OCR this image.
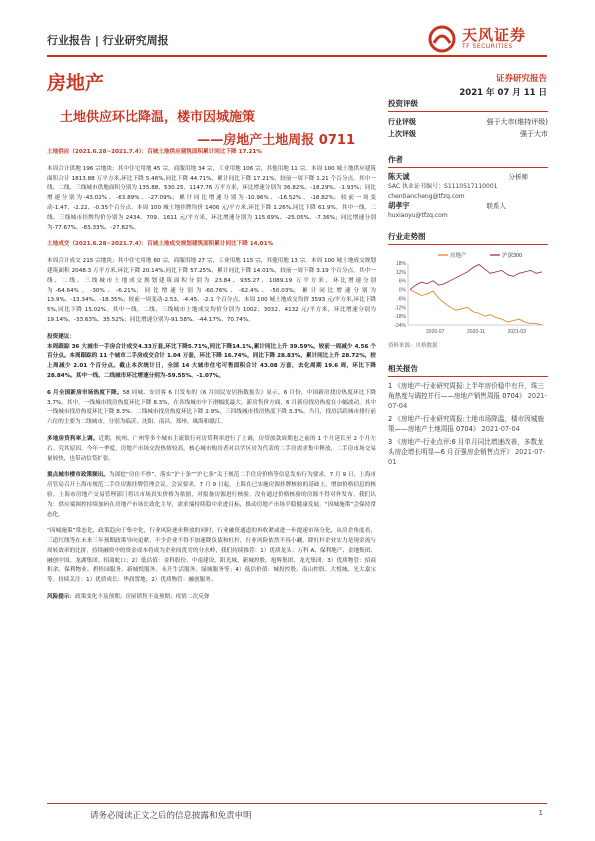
行业报告 | 行业研究周报	天风证券
TF SECURITIES
房地产	证券研究报告
2021 年 07 月 11 日
土地供应环比降温，楼市因城施策
——房地产土地周报 0711

土地供应（2021.6.28~2021.7.4）：百城土地供应建筑面积累计同比下降 17.21%

本周合计供地 196 宗地块；其中住宅用地 45 宗，商服用地 34 宗，工业用地 106 宗，其他用地 11 宗。本周 100 城土地供应建筑面积合计 1813.88 万平方米,环比下降 5.46%,同比下降 44.71%，累计同比下降 17.21%，较前一周下降 1.21 个百分点。其中一线、二线、三线城市供地面积分别为 135.88、530.25、1147.76 万平方米，环比增速分别为 36.82%、-18.29%、-1.93%；同比增速分别为-43.02%、-63.89%、-27.09%；累计同比增速分别为-10.96%、-16.52%、-18.82%；较前一周变动-1.47、-2.22、-0.35个百分点。本周 100 城土地挂牌均价 1406 元/平方米,环比下降 1.26%,同比下降 61.9%。其中一线、二线、三线城市挂牌均价分别为 2434、709、1611 元/平方米，环比增速分别为 115.69%、-25.05%、-7.36%；同比增速分别为-77.67%、-83.33%、-27.82%。

土地成交（2021.6.28~2021.7.4）：百城土地成交规划建筑面积累计同比下降 14.01%

本周合计成交 215 宗地块；其中住宅用地 60 宗，商服用地 27 宗，工业用地 115 宗，其他用地 13 宗。本周 100 城土地成交规划建筑面积 2048.3 万平方米,环比下降 20.14%,同比下降 57.25%，累计同比下降 14.01%，较前一周下降 3.19 个百分点。其中一线、二线、三线城市土地成交规划建筑面积分别为 23.84、935.27、1089.19 万平方米，环比增速分别为-64.64%、-30%、-6.21%；同比增速分别为-60.76%、-62.4%、-50.03%；累计同比增速分别为 13.9%、-13.34%、-18.35%；较前一周变动-2.53、-4.45、-2.1 个百分点。本周 100 城土地成交均价 3593 元/平方米,环比下降 5%,同比下降 15.02%。其中一线、二线、三线城市土地成交均价分别为 1002、3032、4132 元/平方米，环比增速分别为 19.14%、-33.63%、35.52%；同比增速分别为-91.58%、-44.17%、70.74%。

投资建议：
本周跟踪 36 大城市一手房合计成交4.33万套,环比下降5.71%,同比下降14.1%,累计同比上升 39.59%。较前一周减少 4.56 个百分点。本周跟踪的 11 个城市二手房成交合计 1.04 万套，环比下降 16.74%，同比下降 28.83%，累计同比上升 28.72%，较上周减少 2.01 个百分点。截止本次统计日，全国 14 大城市住宅可售面积合计 43.08 万套，去化周期 19.6 周，环比下降 28.84%。其中一线、二线城市环比增速分别为-59.55%、-1.07%。

6 月全国新房市场热度下降。58 同城、安居客 6 日发布的《6 月国民安居指数报告》显示，6 月份，中国新房找房热度环比下降 3.7%。其中，一线城市找房热度环比下降 8.3%，在各线城市中下滑幅度最大。新房售价方面，6 月新房找房热度在小幅波动，其中一线城市找房热度环比下降 8.3%。二线城市找房热度环比下降 2.9%，三四线城市找房热度下降 3.3%。当月，找房活跃城市排行前六位的主要为二线城市，分别为临沂、沈阳、南昌、郑州、珠海和赣江。

多地房贷利率上调。近期，杭州、广州等多个城市主流银行对房贷利率进行了上调，房贷放款周期也之前的 1 个月延长至 2 个月左右。究其原因，今年一季度，房地产市场交投热情较高，核心城市购房者对以学区房为代表的二手房需求集中释放，二手房市场交易量较快，也带动信贷扩张。

重点城市楼市政策频出。为深挖“房住不炒”，落实“沪十条”“沪七条”关于规范二手住房价格等信息发布行为要求，7 月 9 日，上海市房管局召开上海市规范二手住房源挂牌管理会议。会议要求，7 月 9 日起，上海在已实施房源挂牌核验的基础上，增加价格信息的核验。上海市房地产交易管理部门将以市场真实价格为依据，对报备房源进行核验，没有通过价格核验的房源不得对外发布。我们认为：供应端调控持续加码在房地产市场长效化主导，需求端持续稳中求进目标，推动房地产市场平稳健康发展。“因城施策”会保持常态化。

“因城施策”常态化，政策趋向于集中化，行业风险逐步释放的同时，行业融资通道的再收紧或进一步提速市场分化，从房企角度看，三道红线等在未来三年预期政策导向更紧，不少企业不得不加速降负债和杠杆，行业风险依然不容小觑。降杠杆企业实力是现金流与周转效率的比拼，持续融资中的资金成本将成为企业间优劣的分水岭，我们持续推荐：1）优质龙头：万科 A、保利地产、金地集团、融创中国、龙湖集团、招商蛇口；2）低估值：金科股份、中南建设、阳光城、新城控股、旭辉集团、龙光集团；3）优质物管：招商积余、保利物业、碧桂园服务、新城悦服务、永升生活服务、绿城服务等；4）低估价值：城投控股、南山控股、大悦城、光大嘉宝等。持续关注：1）优质成长：华润置地；2）优质物管：融创服务。

风险提示：政策变化不及预期；房屋销售不及预期；疫情二次反弹

投资评级
行业评级	强于大市(维持评级)
上次评级	强于大市
作者
陈天诚	分析师
SAC 执业证书编号：S1110517110001
chentiancheng@tfzq.com
胡孝宇	联系人
huxiaoyu@tfzq.com
行业走势图
18%
12%
6%
0%
-6%
-12%
-18%
-24%
2020-07	2020-11	2021-03
房地产	沪深300
资料来源：贝格数据
相关报告
1 《房地产-行业研究周报:上半年房价稳中有升，珠三角热度与调控并行——房地产销售周报 0704》 2021-07-04
2 《房地产-行业研究周报:土地市场降温，楼市因城施策——房地产土地周报 0704》 2021-07-04
3 《房地产-行业点评:6 月单月同比增速改善，多数龙头房企增长明显—6 月百强房企销售点评》 2021-07-01
请务必阅读正文之后的信息披露和免责申明	1
